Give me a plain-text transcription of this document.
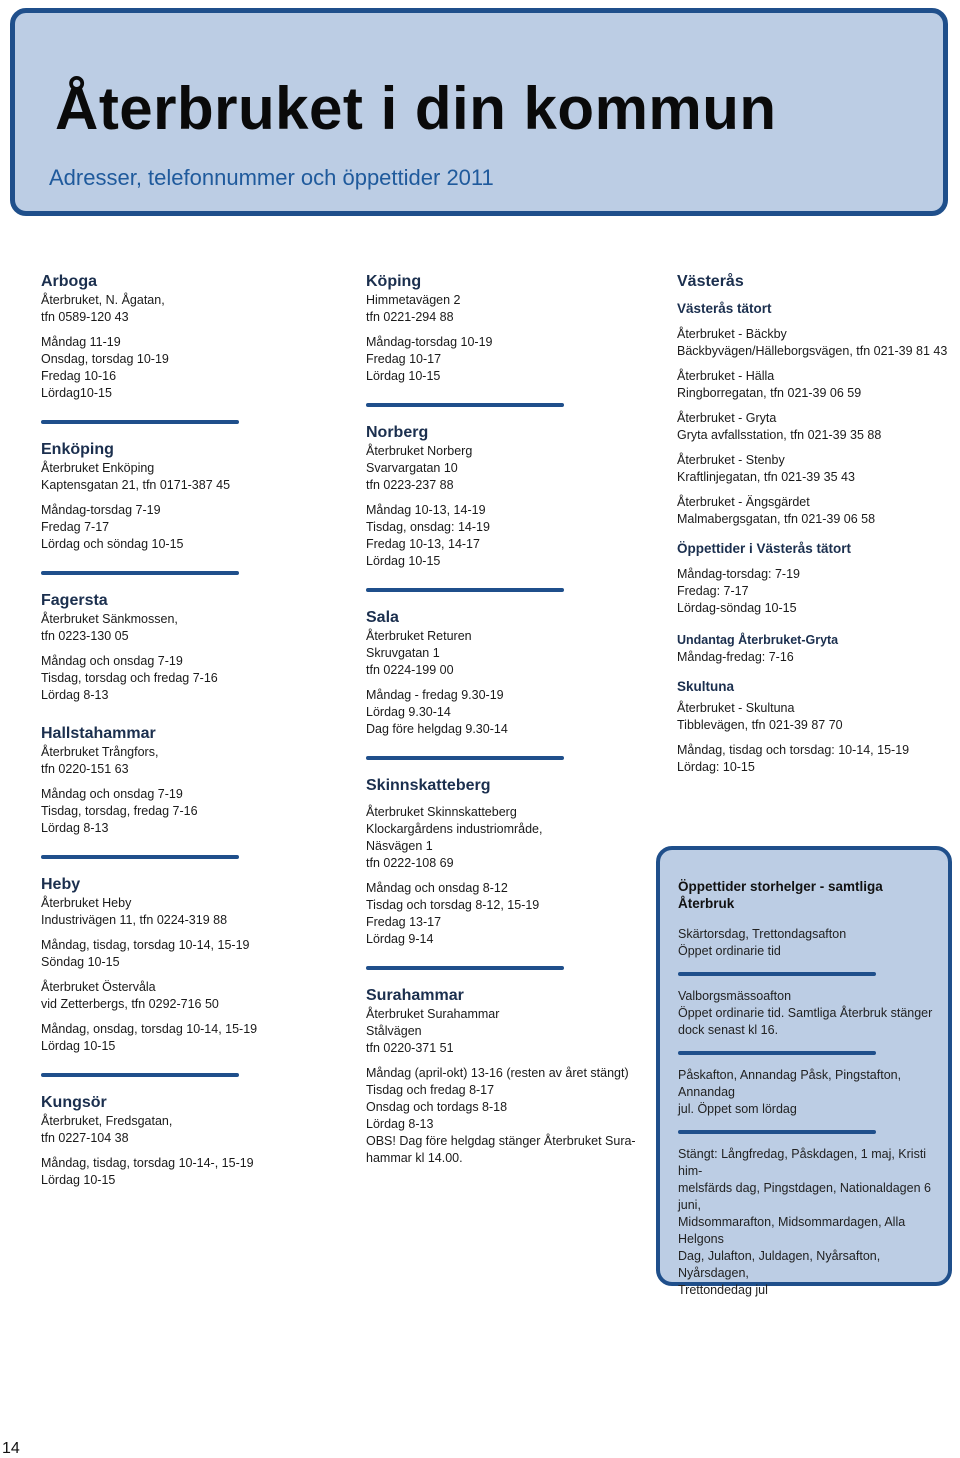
Återbruket i din kommun
Adresser, telefonnummer och öppettider 2011

Arboga

Återbruket, N. Ågatan,

tfn 0589-120 43

Måndag 11-19

Onsdag, torsdag 10-19

Fredag 10-16

Lördag10-15

Enköping

Återbruket Enköping

Kaptensgatan 21, tfn 0171-387 45

Måndag-torsdag 7-19

Fredag 7-17

Lördag och söndag 10-15

Fagersta

Återbruket Sänkmossen,

tfn 0223-130 05

Måndag och onsdag 7-19

Tisdag, torsdag och fredag 7-16

Lördag 8-13

Hallstahammar

Återbruket Trångfors,

tfn 0220-151 63

Måndag och onsdag 7-19

Tisdag, torsdag, fredag 7-16

Lördag 8-13

Heby

Återbruket Heby

Industrivägen 11, tfn 0224-319 88

Måndag, tisdag, torsdag 10-14, 15-19

Söndag 10-15

Återbruket Östervåla

vid Zetterbergs, tfn 0292-716 50

Måndag, onsdag, torsdag 10-14, 15-19

Lördag 10-15

Kungsör

Återbruket, Fredsgatan,

tfn 0227-104 38

Måndag, tisdag, torsdag 10-14-, 15-19

Lördag 10-15

Köping

Himmetavägen 2

tfn 0221-294 88

Måndag-torsdag 10-19

Fredag 10-17

Lördag 10-15

Norberg

Återbruket Norberg

Svarvargatan 10

tfn 0223-237 88

Måndag 10-13, 14-19

Tisdag, onsdag: 14-19

Fredag 10-13, 14-17

Lördag 10-15

Sala

Återbruket Returen

Skruvgatan 1

tfn 0224-199 00

Måndag - fredag 9.30-19

Lördag 9.30-14

Dag före helgdag 9.30-14

Skinnskatteberg

Återbruket Skinnskatteberg

Klockargårdens industriområde,

Näsvägen 1

tfn 0222-108 69

Måndag och onsdag 8-12

Tisdag och torsdag 8-12, 15-19

Fredag 13-17

Lördag 9-14

Surahammar

Återbruket Surahammar

Stålvägen

tfn 0220-371 51

Måndag (april-okt) 13-16 (resten av året stängt)

Tisdag och fredag 8-17

Onsdag och tordags 8-18

Lördag 8-13

OBS! Dag före helgdag stänger Återbruket Sura-

hammar kl 14.00.

Västerås

Västerås tätort

Återbruket - Bäckby

Bäckbyvägen/Hälleborgsvägen, tfn 021-39 81 43

Återbruket - Hälla

Ringborregatan, tfn 021-39 06 59

Återbruket - Gryta

Gryta avfallsstation, tfn 021-39 35 88

Återbruket - Stenby

Kraftlinjegatan, tfn 021-39 35 43

Återbruket - Ängsgärdet

Malmabergsgatan, tfn 021-39 06 58

Öppettider i Västerås tätort

Måndag-torsdag: 7-19

Fredag: 7-17

Lördag-söndag 10-15

Undantag Återbruket-Gryta

Måndag-fredag: 7-16

Skultuna

Återbruket - Skultuna

Tibblevägen, tfn 021-39 87 70

Måndag, tisdag och torsdag: 10-14, 15-19

Lördag: 10-15

Öppettider storhelger - samtliga Återbruk

Skärtorsdag, Trettondagsafton

Öppet ordinarie tid

Valborgsmässoafton

Öppet ordinarie tid. Samtliga Återbruk stänger

dock senast kl 16.

Påskafton, Annandag Påsk, Pingstafton, Annandag

jul. Öppet som lördag

Stängt: Långfredag, Påskdagen, 1 maj, Kristi him-

melsfärds dag, Pingstdagen, Nationaldagen 6 juni,

Midsommarafton, Midsommardagen, Alla Helgons

Dag, Julafton, Juldagen, Nyårsafton, Nyårsdagen,

Trettondedag jul

14
